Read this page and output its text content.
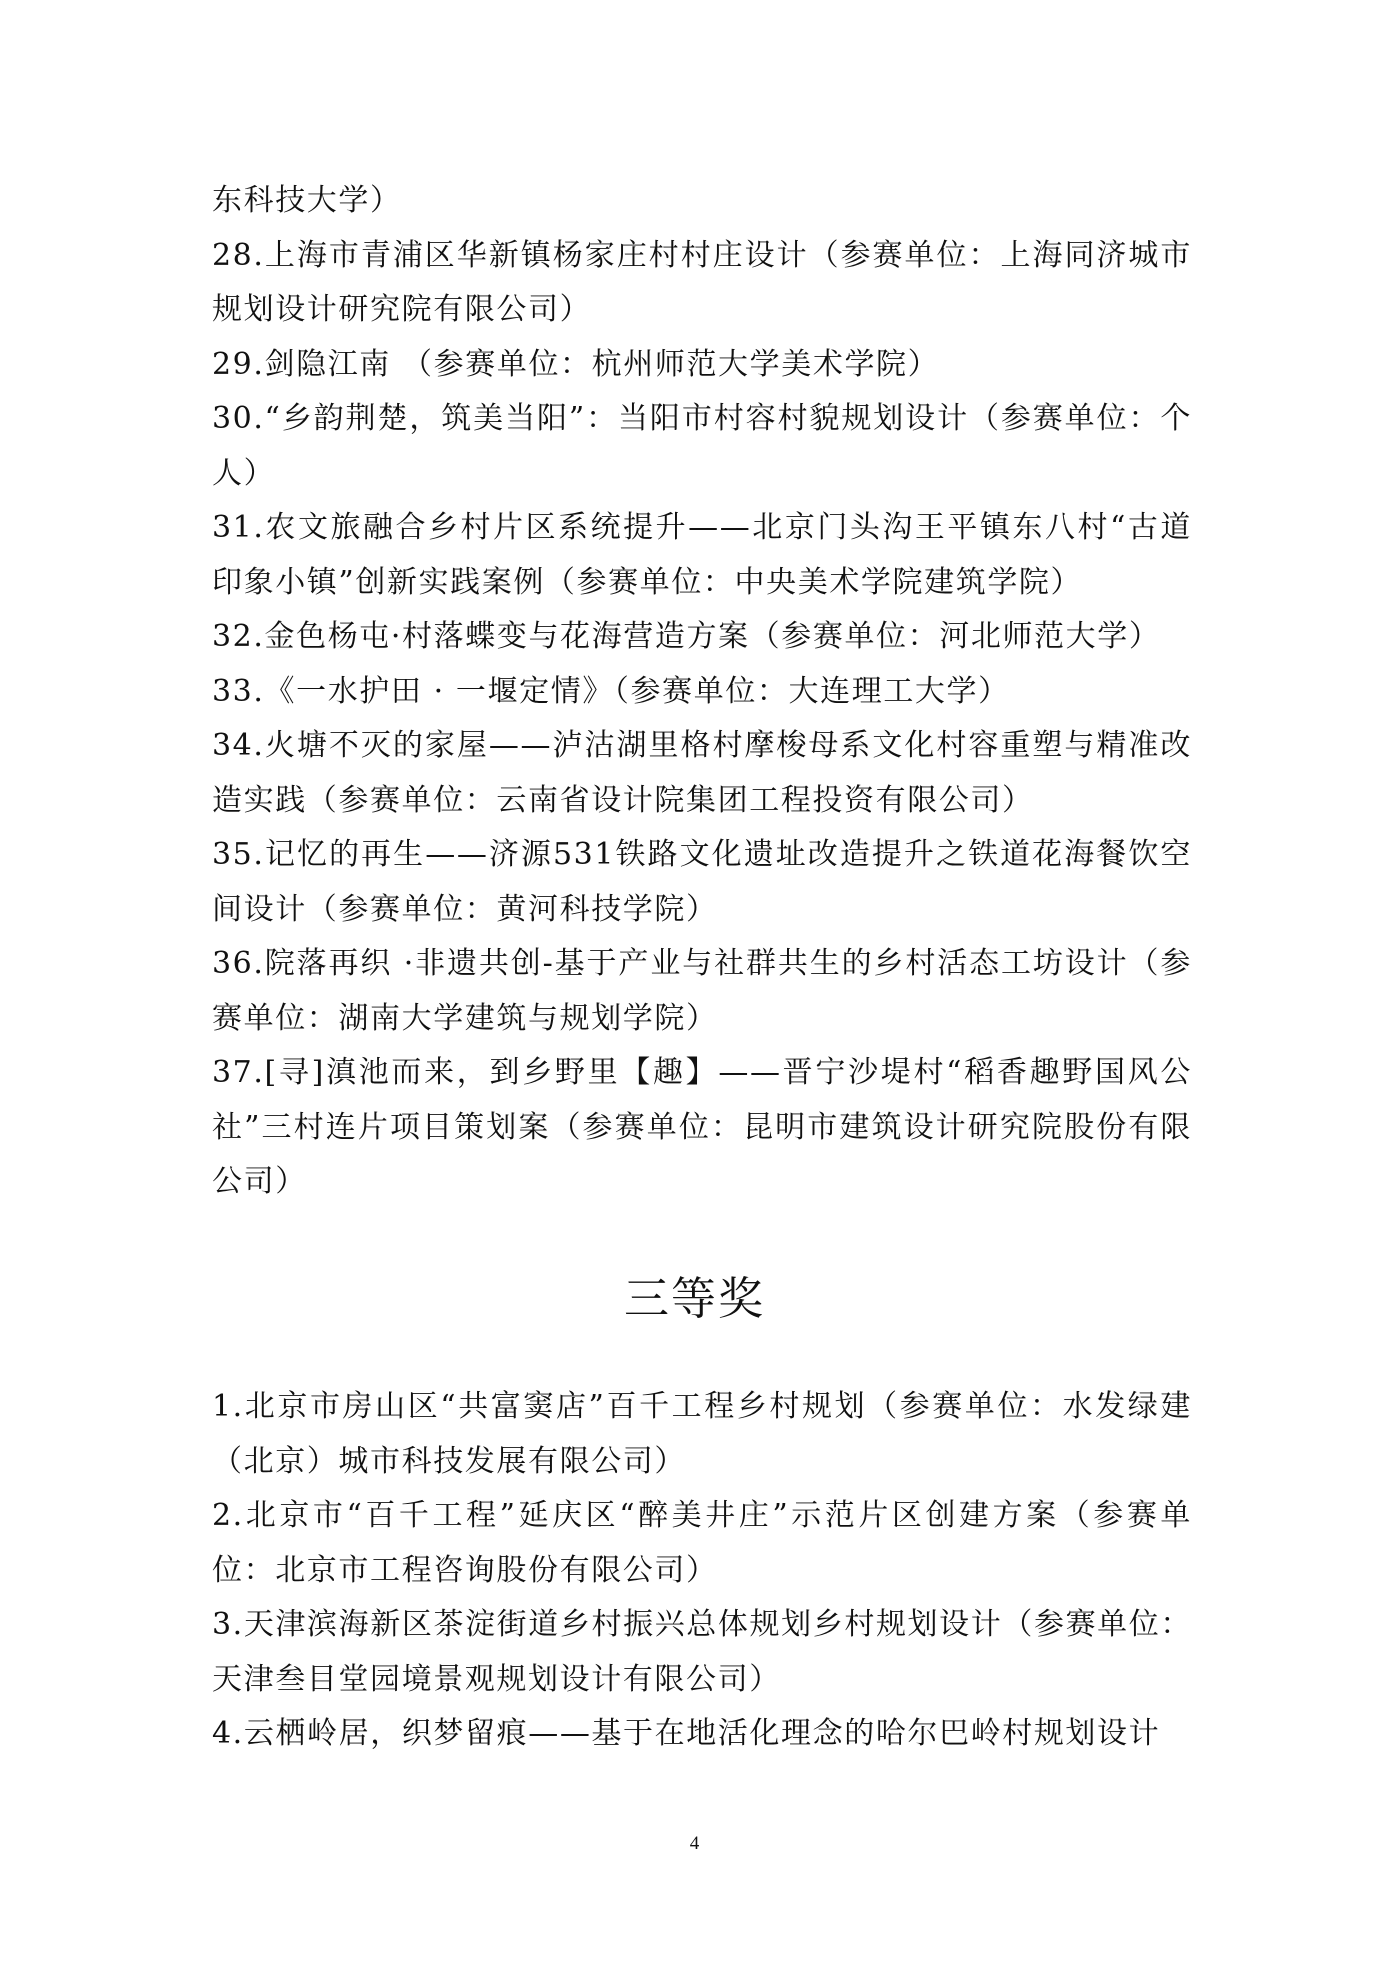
东科技大学）

28.上海市青浦区华新镇杨家庄村村庄设计（参赛单位：上海同济城市规划设计研究院有限公司）

29.剑隐江南 （参赛单位：杭州师范大学美术学院）

30.“乡韵荆楚，筑美当阳”：当阳市村容村貌规划设计（参赛单位：个人）

31.农文旅融合乡村片区系统提升——北京门头沟王平镇东八村“古道印象小镇”创新实践案例（参赛单位：中央美术学院建筑学院）

32.金色杨屯·村落蝶变与花海营造方案（参赛单位：河北师范大学）

33.《一水护田 · 一堰定情》（参赛单位：大连理工大学）

34.火塘不灭的家屋——泸沽湖里格村摩梭母系文化村容重塑与精准改造实践（参赛单位：云南省设计院集团工程投资有限公司）

35.记忆的再生——济源531铁路文化遗址改造提升之铁道花海餐饮空间设计（参赛单位：黄河科技学院）

36.院落再织 ·非遗共创-基于产业与社群共生的乡村活态工坊设计（参赛单位：湖南大学建筑与规划学院）

37.[寻]滇池而来，到乡野里【趣】——晋宁沙堤村“稻香趣野国风公社”三村连片项目策划案（参赛单位：昆明市建筑设计研究院股份有限公司）

三等奖

1.北京市房山区“共富窦店”百千工程乡村规划（参赛单位：水发绿建（北京）城市科技发展有限公司）

2.北京市“百千工程”延庆区“醉美井庄”示范片区创建方案（参赛单位：北京市工程咨询股份有限公司）

3.天津滨海新区茶淀街道乡村振兴总体规划乡村规划设计（参赛单位：天津叁目堂园境景观规划设计有限公司）

4.云栖岭居，织梦留痕——基于在地活化理念的哈尔巴岭村规划设计

4
